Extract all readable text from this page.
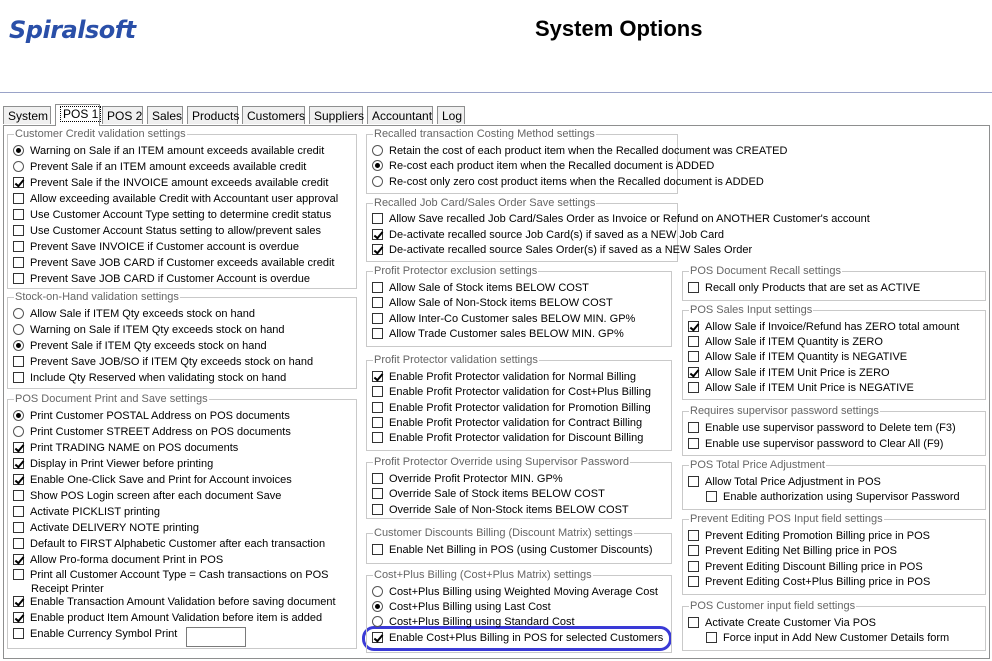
Spiralsoft	System Options
System	POS 1 POS 2 Sales Products Customers Suppliers Accountant Log
Customer Credit validation settings
Warning on Sale if an ITEM amount exceeds available credit
Prevent Sale if an ITEM amount exceeds available credit
Prevent Sale if the INVOICE amount exceeds available credit
Allow exceeding available Credit with Accountant user approval
Use Customer Account Type setting to determine credit status
Use Customer Account Status setting to allow/prevent sales
Prevent Save INVOICE if Customer account is overdue
Prevent Save JOB CARD if Customer exceeds available credit
Prevent Save JOB CARD if Customer Account is overdue
Stock-on-Hand validation settings
Allow Sale if ITEM Qty exceeds stock on hand
Warning on Sale if ITEM Qty exceeds stock on hand
Prevent Sale if ITEM Qty exceeds stock on hand
Prevent Save JOB/SO if ITEM Qty exceeds stock on hand
Include Qty Reserved when validating stock on hand
POS Document Print and Save settings
Print Customer POSTAL Address on POS documents
Print Customer STREET Address on POS documents
Print TRADING NAME on POS documents
Display in Print Viewer before printing
Enable One-Click Save and Print for Account invoices
Show POS Login screen after each document Save
Activate PICKLIST printing
Activate DELIVERY NOTE printing
Default to FIRST Alphabetic Customer after each transaction
Allow Pro-forma document Print in POS
Print all Customer Account Type = Cash transactions on POS
Receipt Printer
Enable Transaction Amount Validation before saving document
Enable product Item Amount Validation before item is added
Enable Currency Symbol Print
Recalled transaction Costing Method settings
Retain the cost of each product item when the Recalled document was CREATED
Re-cost each product item when the Recalled document is ADDED
Re-cost only zero cost product items when the Recalled document is ADDED
Recalled Job Card/Sales Order Save settings
Allow Save recalled Job Card/Sales Order as Invoice or Refund on ANOTHER Customer's account
De-activate recalled source Job Card(s) if saved as a NEW Job Card
De-activate recalled source Sales Order(s) if saved as a NEW Sales Order
Profit Protector exclusion settings
Allow Sale of Stock items BELOW COST
Allow Sale of Non-Stock items BELOW COST
Allow Inter-Co Customer sales BELOW MIN. GP%
Allow Trade Customer sales BELOW MIN. GP%
Profit Protector validation settings
Enable Profit Protector validation for Normal Billing
Enable Profit Protector validation for Cost+Plus Billing
Enable Profit Protector validation for Promotion Billing
Enable Profit Protector validation for Contract Billing
Enable Profit Protector validation for Discount Billing
Profit Protector Override using Supervisor Password
Override Profit Protector MIN. GP%
Override Sale of Stock items BELOW COST
Override Sale of Non-Stock items BELOW COST
Customer Discounts Billing (Discount Matrix) settings
Enable Net Billing in POS (using Customer Discounts)
Cost+Plus Billing (Cost+Plus Matrix) settings
Cost+Plus Billing using Weighted Moving Average Cost
Cost+Plus Billing using Last Cost
Cost+Plus Billing using Standard Cost
Enable Cost+Plus Billing in POS for selected Customers
POS Document Recall settings
Recall only Products that are set as ACTIVE
POS Sales Input settings
Allow Sale if Invoice/Refund has ZERO total amount
Allow Sale if ITEM Quantity is ZERO
Allow Sale if ITEM Quantity is NEGATIVE
Allow Sale if ITEM Unit Price is ZERO
Allow Sale if ITEM Unit Price is NEGATIVE
Requires supervisor password settings
Enable use supervisor password to Delete tem (F3)
Enable use supervisor password to Clear All (F9)
POS Total Price Adjustment
Allow Total Price Adjustment in POS
Enable authorization using Supervisor Password
Prevent Editing POS Input field settings
Prevent Editing Promotion Billing price in POS
Prevent Editing Net Billing price in POS
Prevent Editing Discount Billing price in POS
Prevent Editing Cost+Plus Billing price in POS
POS Customer input field settings
Activate Create Customer Via POS
Force input in Add New Customer Details form
